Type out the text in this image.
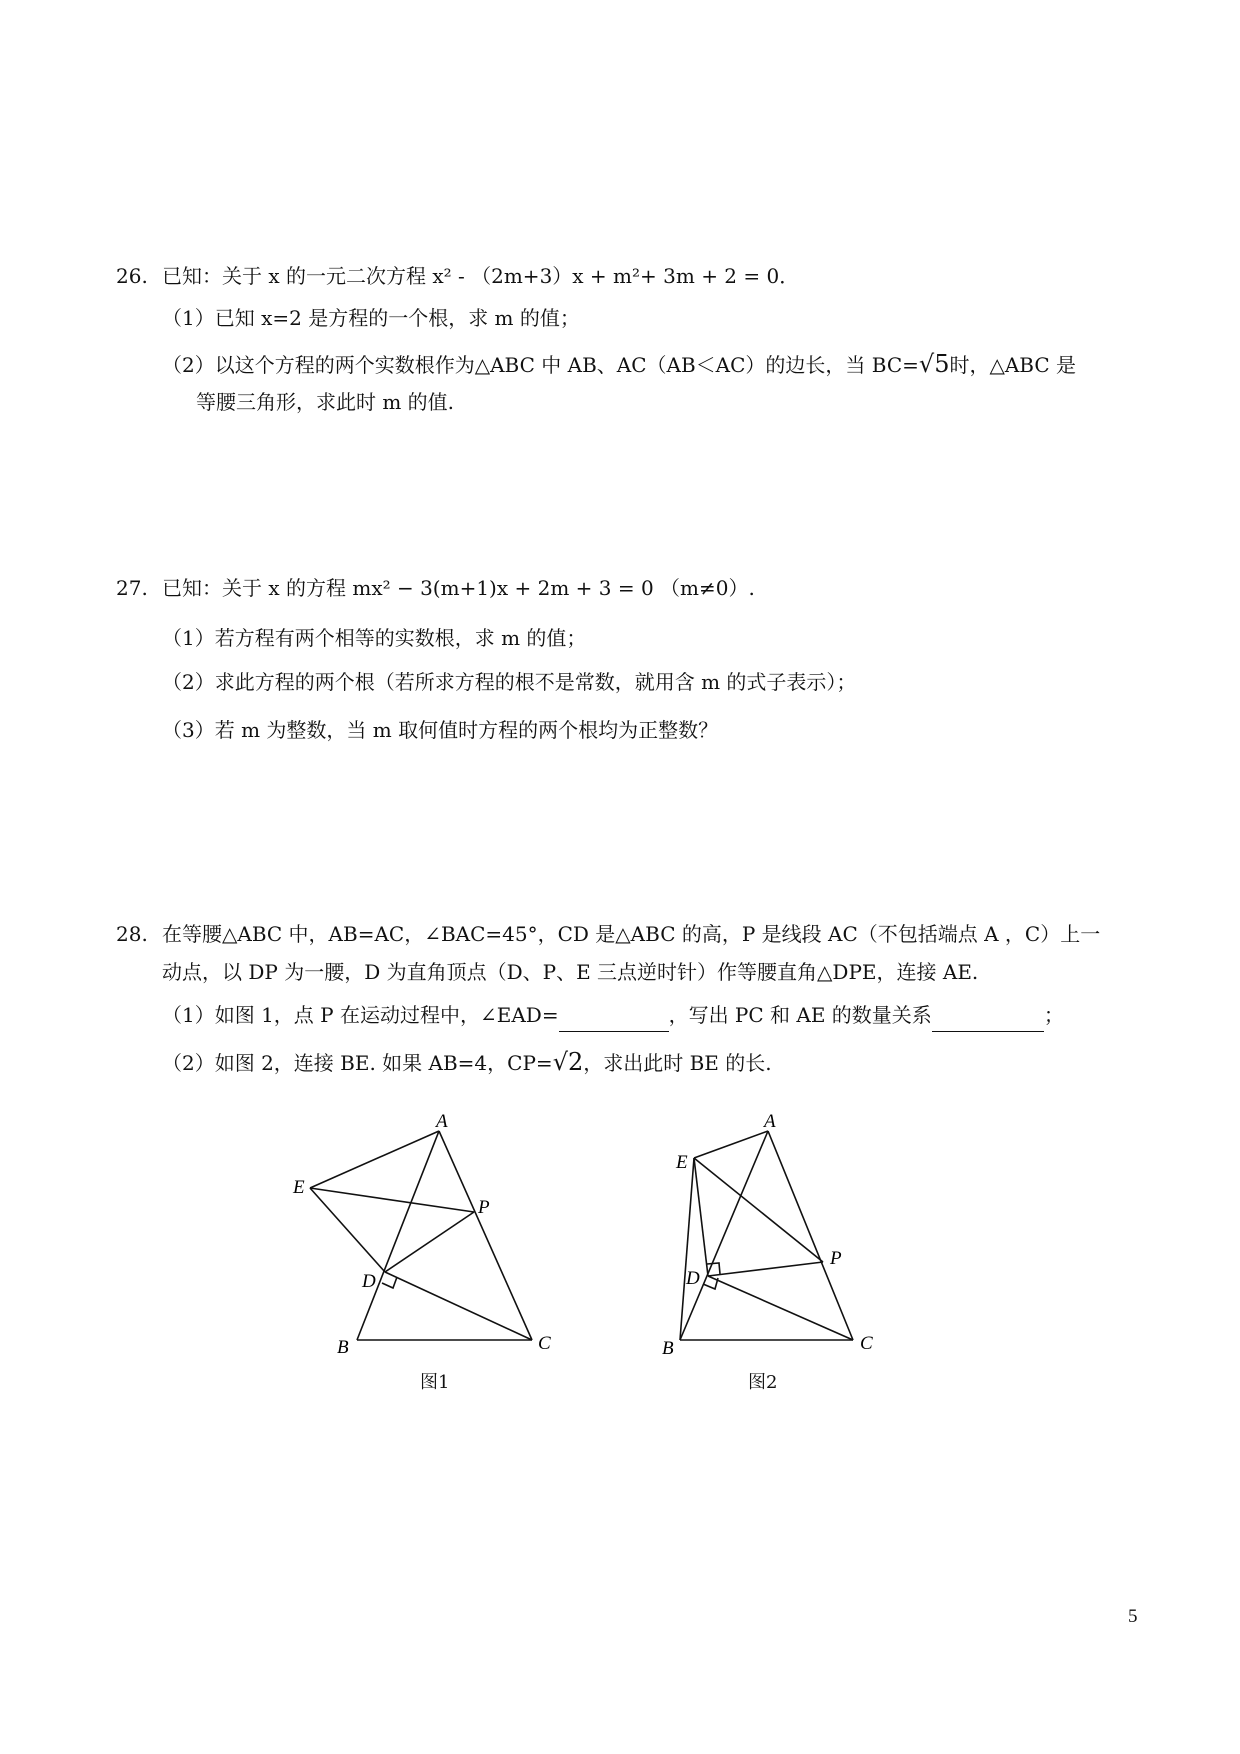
26. 已知：关于 x 的一元二次方程 x² - （2m+3）x + m²+ 3m + 2 = 0．
（1）已知 x=2 是方程的一个根，求 m 的值；
（2）以这个方程的两个实数根作为△ABC 中 AB、AC（AB＜AC）的边长，当 BC=√5时，△ABC 是
等腰三角形，求此时 m 的值.
27. 已知：关于 x 的方程 mx² − 3(m+1)x + 2m + 3 = 0 （m≠0）.
（1）若方程有两个相等的实数根，求 m 的值；
（2）求此方程的两个根（若所求方程的根不是常数，就用含 m 的式子表示）；
（3）若 m 为整数，当 m 取何值时方程的两个根均为正整数？
28. 在等腰△ABC 中，AB=AC，∠BAC=45°，CD 是△ABC 的高，P 是线段 AC（不包括端点 A ，C）上一
动点，以 DP 为一腰，D 为直角顶点（D、P、E 三点逆时针）作等腰直角△DPE，连接 AE.
（1）如图 1，点 P 在运动过程中，∠EAD=	，写出 PC 和 AE 的数量关系	；
（2）如图 2，连接 BE. 如果 AB=4，CP=√2，求出此时 BE 的长.
A
E
P
D
B	C
图1
A
E
P
D
B	C
图2
5
